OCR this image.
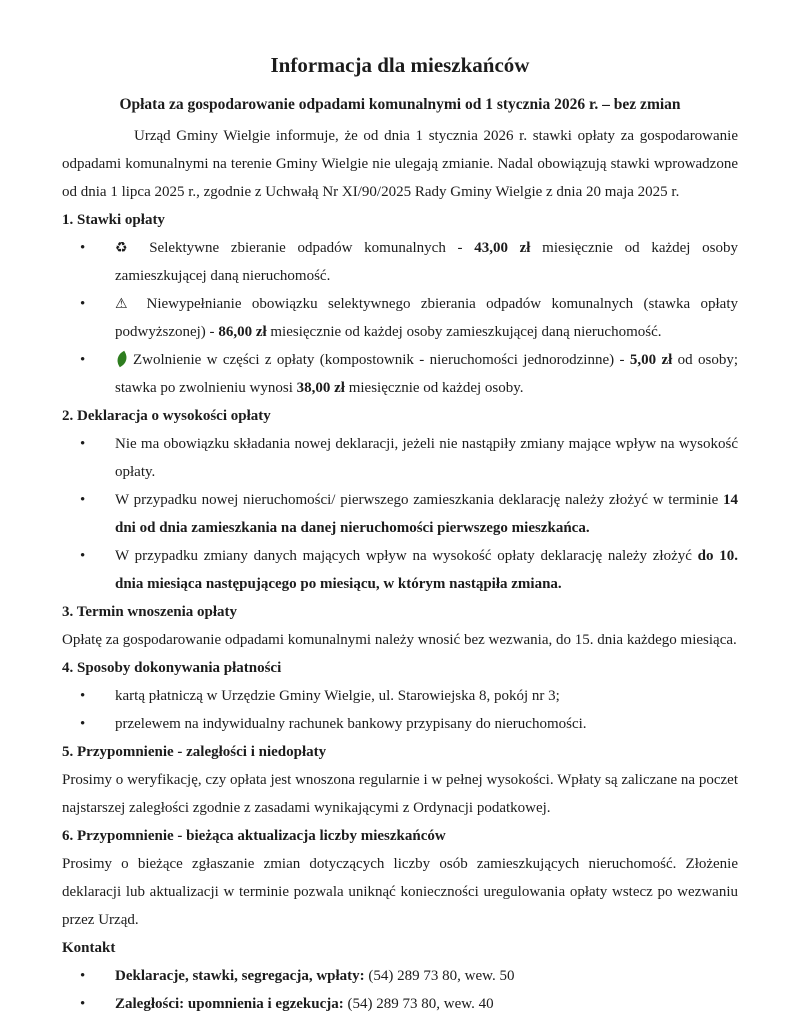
Informacja dla mieszkańców
Opłata za gospodarowanie odpadami komunalnymi od 1 stycznia 2026 r. – bez zmian

Urząd Gminy Wielgie informuje, że od dnia 1 stycznia 2026 r. stawki opłaty za gospodarowanie odpadami komunalnymi na terenie Gminy Wielgie nie ulegają zmianie. Nadal obowiązują stawki wprowadzone od dnia 1 lipca 2025 r., zgodnie z Uchwałą Nr XI/90/2025 Rady Gminy Wielgie z dnia 20 maja 2025 r.

1. Stawki opłaty
• ♻ Selektywne zbieranie odpadów komunalnych - 43,00 zł miesięcznie od każdej osoby zamieszkującej daną nieruchomość.
• ⚠ Niewypełnianie obowiązku selektywnego zbierania odpadów komunalnych (stawka opłaty podwyższonej) - 86,00 zł miesięcznie od każdej osoby zamieszkującej daną nieruchomość.
•	Zwolnienie w części z opłaty (kompostownik - nieruchomości jednorodzinne) - 5,00 zł od osoby; stawka po zwolnieniu wynosi 38,00 zł miesięcznie od każdej osoby.
2. Deklaracja o wysokości opłaty
• Nie ma obowiązku składania nowej deklaracji, jeżeli nie nastąpiły zmiany mające wpływ na wysokość opłaty.
• W przypadku nowej nieruchomości/ pierwszego zamieszkania deklarację należy złożyć w terminie 14 dni od dnia zamieszkania na danej nieruchomości pierwszego mieszkańca.
• W przypadku zmiany danych mających wpływ na wysokość opłaty deklarację należy złożyć do 10. dnia miesiąca następującego po miesiącu, w którym nastąpiła zmiana.
3. Termin wnoszenia opłaty
Opłatę za gospodarowanie odpadami komunalnymi należy wnosić bez wezwania, do 15. dnia każdego miesiąca.
4. Sposoby dokonywania płatności
• kartą płatniczą w Urzędzie Gminy Wielgie, ul. Starowiejska 8, pokój nr 3;
• przelewem na indywidualny rachunek bankowy przypisany do nieruchomości.
5. Przypomnienie - zaległości i niedopłaty
Prosimy o weryfikację, czy opłata jest wnoszona regularnie i w pełnej wysokości. Wpłaty są zaliczane na poczet najstarszej zaległości zgodnie z zasadami wynikającymi z Ordynacji podatkowej.
6. Przypomnienie - bieżąca aktualizacja liczby mieszkańców
Prosimy o bieżące zgłaszanie zmian dotyczących liczby osób zamieszkujących nieruchomość. Złożenie deklaracji lub aktualizacji w terminie pozwala uniknąć konieczności uregulowania opłaty wstecz po wezwaniu przez Urząd.
Kontakt
• Deklaracje, stawki, segregacja, wpłaty: (54) 289 73 80, wew. 50
• Zaległości: upomnienia i egzekucja: (54) 289 73 80, wew. 40
